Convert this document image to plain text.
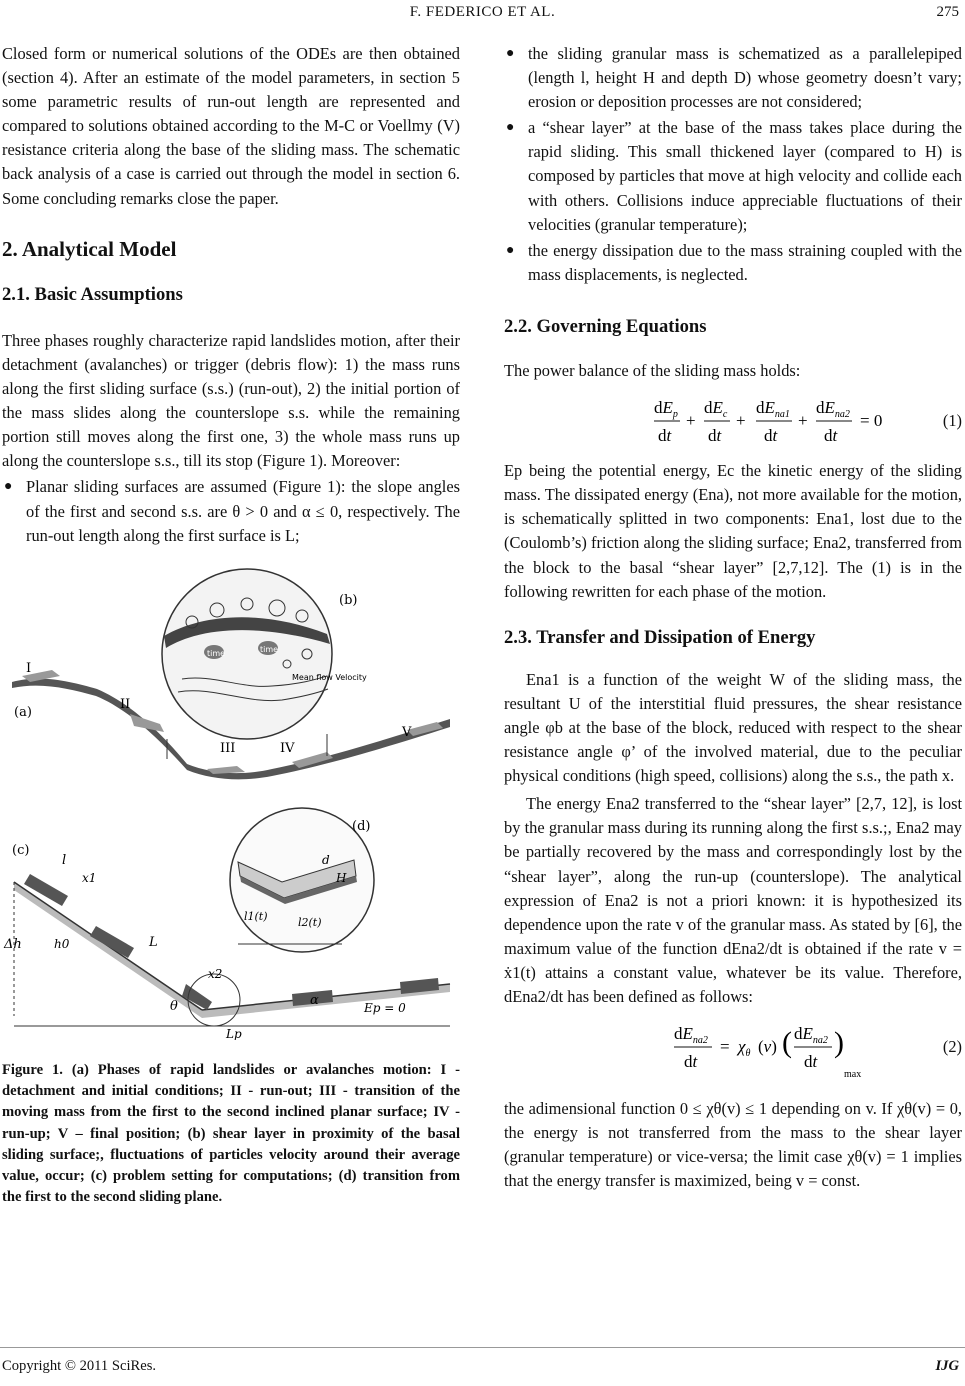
F. FEDERICO ET AL.	275

Closed form or numerical solutions of the ODEs are then obtained (section 4). After an estimate of the model parameters, in section 5 some parametric results of run-out length are represented and compared to solutions obtained according to the M-C or Voellmy (V) resistance criteria along the base of the sliding mass. The schematic back analysis of a case is carried out through the model in section 6. Some concluding remarks close the paper.

2. Analytical Model
2.1. Basic Assumptions

Three phases roughly characterize rapid landslides motion, after their detachment (avalanches) or trigger (debris flow): 1) the mass runs along the first sliding surface (s.s.) (run-out), 2) the initial portion of the mass slides along the counterslope s.s. while the remaining portion still moves along the first one, 3) the whole mass runs up along the counterslope s.s., till its stop (Figure 1). Moreover:

● Planar sliding surfaces are assumed (Figure 1): the slope angles of the first and second s.s. are θ > 0 and α ≤ 0, respectively. The run-out length along the first surface is L;
(b)
I
(a)
II
III	IV
V
time	time
Mean flow Velocity
(d)
(c)
l
x1
L
Δh	h0
x2
θ	α	Ep = 0
Lp
d
H
l1(t)	l2(t)

Figure 1. (a) Phases of rapid landslides or avalanches motion: I - detachment and initial conditions; II - run-out; III - transition of the moving mass from the first to the second inclined planar surface; IV - run-up; V – final position; (b) shear layer in proximity of the basal sliding surface;, fluctuations of particles velocity around their average value, occur; (c) problem setting for computations; (d) transition from the first to the second sliding plane.

● the sliding granular mass is schematized as a parallelepiped (length l, height H and depth D) whose geometry doesn’t vary; erosion or deposition processes are not considered;
● a “shear layer” at the base of the mass takes place during the rapid sliding. This small thickened layer (compared to H) is composed by particles that move at high velocity and collide each with others. Collisions induce appreciable fluctuations of their velocities (granular temperature);
● the energy dissipation due to the mass straining coupled with the mass displacements, is neglected.
2.2. Governing Equations

The power balance of the sliding mass holds:

$dE_p$
dt
+
$dE_c$
dt
+
$dE_{na1}$
dt
+
$dE_{na2}$
dt
= 0	(1)

Ep being the potential energy, Ec the kinetic energy of the sliding mass. The dissipated energy (Ena), not more available for the motion, is schematically splitted in two components: Ena1, lost due to the (Coulomb’s) friction along the sliding surface; Ena2, transferred from the block to the basal “shear layer” [2,7,12]. The (1) is in the following rewritten for each phase of the motion.

2.3. Transfer and Dissipation of Energy

Ena1 is a function of the weight W of the sliding mass, the resultant U of the interstitial fluid pressures, the shear resistance angle φb at the base of the block, reduced with respect to the shear resistance angle φ’ of the involved material, due to the peculiar physical conditions (high speed, collisions) along the s.s., the path x.

The energy Ena2 transferred to the “shear layer” [2,7, 12], is lost by the granular mass during its running along the first s.s.;, Ena2 may be partially recovered by the mass and correspondingly lost by the “shear layer”, along the run-up (counterslope). The analytical expression of Ena2 is not a priori known: it is hypothesized its dependence upon the rate v of the granular mass. As stated by [6], the maximum value of the function dEna2/dt is obtained if the rate v = ẋ1(t) attains a constant value, whatever be its value. Therefore, dEna2/dt has been defined as follows:

$dE_{na2}$
dt
= $\chi_\theta$ (v) ( $dE_{na2}$
dt
)
max
(2)

the adimensional function 0 ≤ χθ(v) ≤ 1 depending on v. If χθ(v) = 0, the energy is not transferred from the mass to the shear layer (granular temperature) or vice-versa; the limit case χθ(v) = 1 implies that the energy transfer is maximized, being v = const.

Copyright © 2011 SciRes.	IJG
